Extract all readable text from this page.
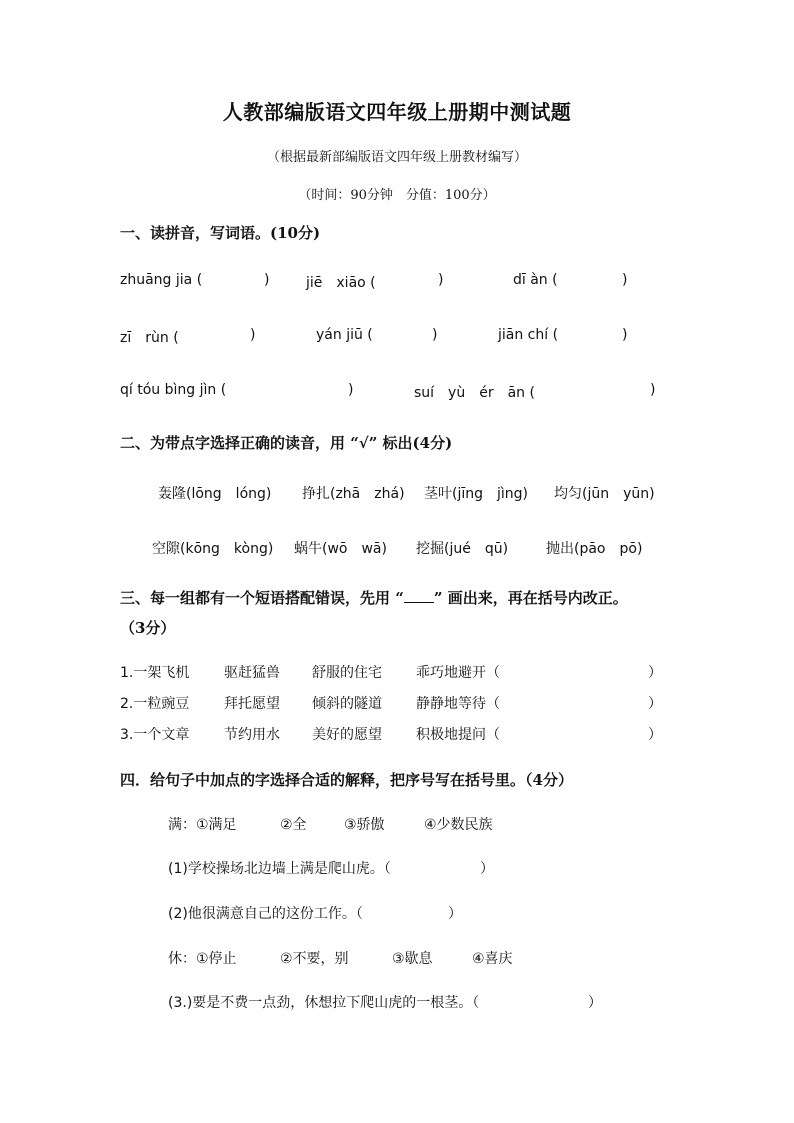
人教部编版语文四年级上册期中测试题
（根据最新部编版语文四年级上册教材编写）
（时间：90分钟　分值：100分）
一、读拼音，写词语。(10分)
zhuāng jia (	)	jiē　xiāo (	)	dī àn (	)
zī　rùn (	)	yán jiū (	)	jiān chí (	)
qí tóu bìng jìn (	)	suí　yù　ér　ān (	)
二、为带点字选择正确的读音，用 “√” 标出(4分)
轰隆(lōng　lóng) 挣扎(zhā　zhá) 茎叶(jīng　jìng) 均匀(jūn　yūn)
空隙(kōng　kòng) 蜗牛(wō　wā) 挖掘(jué　qū)	抛出(pāo　pō)
三、每一组都有一个短语搭配错误，先用 “ ” 画出来，再在括号内改正。
（3分）
1.一架飞机 驱赶猛兽 舒服的住宅 乖巧地避开（	）
2.一粒豌豆 拜托愿望 倾斜的隧道 静静地等待（	）
3.一个文章 节约用水 美好的愿望 积极地提问（	）
四．给句子中加点的字选择合适的解释，把序号写在括号里。（4分）
满：①满足	②全	③骄傲	④少数民族
(1)学校操场北边墙上满是爬山虎。（	）
(2)他很满意自己的这份工作。（	）
休：①停止	②不要，别	③歇息	④喜庆
(3.)要是不费一点劲，休想拉下爬山虎的一根茎。（	）
